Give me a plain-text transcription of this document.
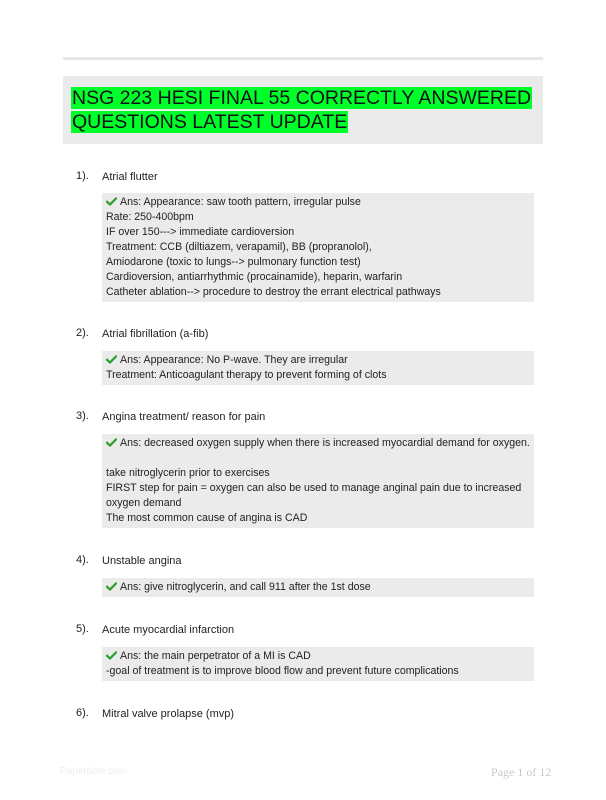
NSG 223 HESI FINAL 55 CORRECTLY ANSWERED QUESTIONS LATEST UPDATE
1). Atrial flutter
Ans: Appearance: saw tooth pattern, irregular pulse
Rate: 250-400bpm
IF over 150---> immediate cardioversion
Treatment: CCB (diltiazem, verapamil), BB (propranolol),
Amiodarone (toxic to lungs--> pulmonary function test)
Cardioversion, antiarrhythmic (procainamide), heparin, warfarin
Catheter ablation--> procedure to destroy the errant electrical pathways
2). Atrial fibrillation (a-fib)
Ans: Appearance: No P-wave. They are irregular
Treatment: Anticoagulant therapy to prevent forming of clots
3). Angina treatment/ reason for pain
Ans: decreased oxygen supply when there is increased myocardial demand for oxygen.
take nitroglycerin prior to exercises
FIRST step for pain = oxygen can also be used to manage anginal pain due to increased oxygen demand
The most common cause of angina is CAD
4). Unstable angina
Ans: give nitroglycerin, and call 911 after the 1st dose
5). Acute myocardial infarction
Ans: the main perpetrator of a MI is CAD
-goal of treatment is to improve blood flow and prevent future complications
6). Mitral valve prolapse (mvp)
Paperbble.com	Page 1 of 12
